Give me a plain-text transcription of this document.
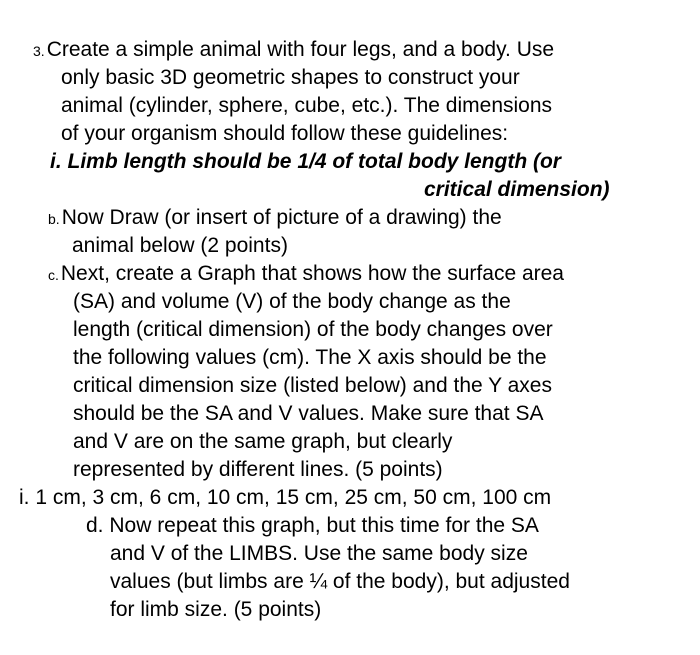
3.Create a simple animal with four legs, and a body. Use
only basic 3D geometric shapes to construct your
animal (cylinder, sphere, cube, etc.). The dimensions
of your organism should follow these guidelines:
i. Limb length should be 1/4 of total body length (or
critical dimension)
b.Now Draw (or insert of picture of a drawing) the
animal below (2 points)
c.Next, create a Graph that shows how the surface area
(SA) and volume (V) of the body change as the
length (critical dimension) of the body changes over
the following values (cm). The X axis should be the
critical dimension size (listed below) and the Y axes
should be the SA and V values. Make sure that SA
and V are on the same graph, but clearly
represented by different lines. (5 points)
i. 1 cm, 3 cm, 6 cm, 10 cm, 15 cm, 25 cm, 50 cm, 100 cm
d. Now repeat this graph, but this time for the SA
and V of the LIMBS. Use the same body size
values (but limbs are ¼ of the body), but adjusted
for limb size. (5 points)
